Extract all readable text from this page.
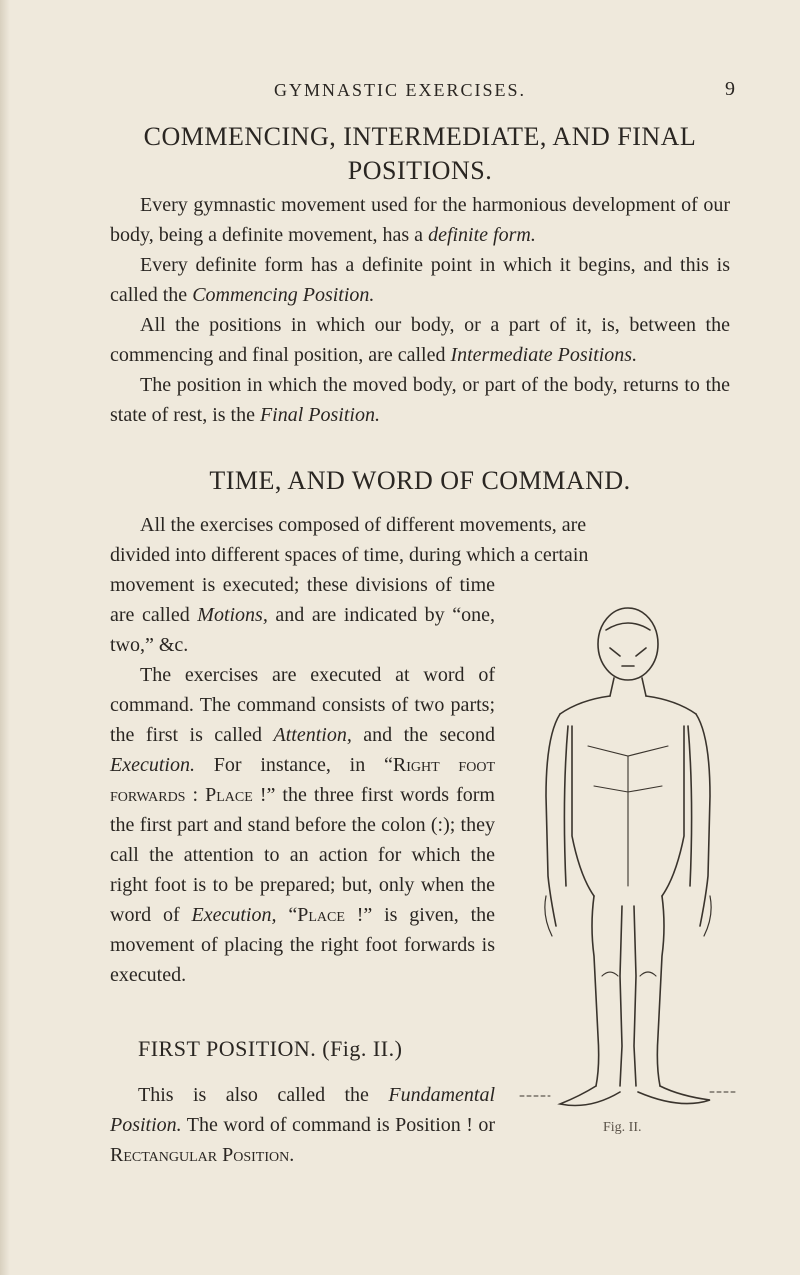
GYMNASTIC EXERCISES.	9
COMMENCING, INTERMEDIATE, AND FINAL
POSITIONS.

Every gymnastic movement used for the harmonious development of our body, being a definite movement, has a definite form.

Every definite form has a definite point in which it begins, and this is called the Commencing Position.

All the positions in which our body, or a part of it, is, between the commencing and final position, are called Intermediate Positions.

The position in which the moved body, or part of the body, returns to the state of rest, is the Final Position.

TIME, AND WORD OF COMMAND.

All the exercises composed of different movements, are

divided into different spaces of time, during which a certain

movement is executed; these divisions of time are called Motions, and are indicated by “one, two,” &c.

The exercises are executed at word of command. The command consists of two parts; the first is called Attention, and the second Execution. For instance, in “Right foot forwards : Place !” the three first words form the first part and stand before the colon (:); they call the attention to an action for which the right foot is to be prepared; but, only when the word of Execution, “Place !” is given, the movement of placing the right foot forwards is executed.

FIRST POSITION. (Fig. II.)

This is also called the Fundamental Position. The word of command is Position ! or Rectangular Position.

Fig. II.
